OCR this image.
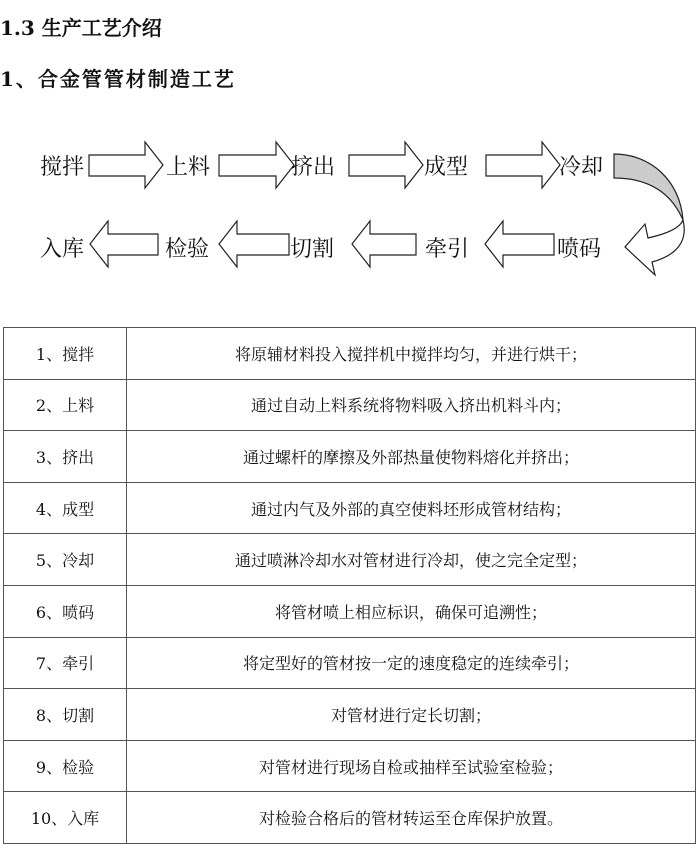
1.3 生产工艺介绍
1、合金管管材制造工艺
搅拌	上料	挤出	成型	冷却
入库	检验	切割	牵引	喷码
1、搅拌	将原辅材料投入搅拌机中搅拌均匀，并进行烘干；
2、上料	通过自动上料系统将物料吸入挤出机料斗内；
3、挤出	通过螺杆的摩擦及外部热量使物料熔化并挤出；
4、成型	通过内气及外部的真空使料坯形成管材结构；
5、冷却	通过喷淋冷却水对管材进行冷却，使之完全定型；
6、喷码	将管材喷上相应标识，确保可追溯性；
7、牵引	将定型好的管材按一定的速度稳定的连续牵引；
8、切割	对管材进行定长切割；
9、检验	对管材进行现场自检或抽样至试验室检验；
10、入库	对检验合格后的管材转运至仓库保护放置。
